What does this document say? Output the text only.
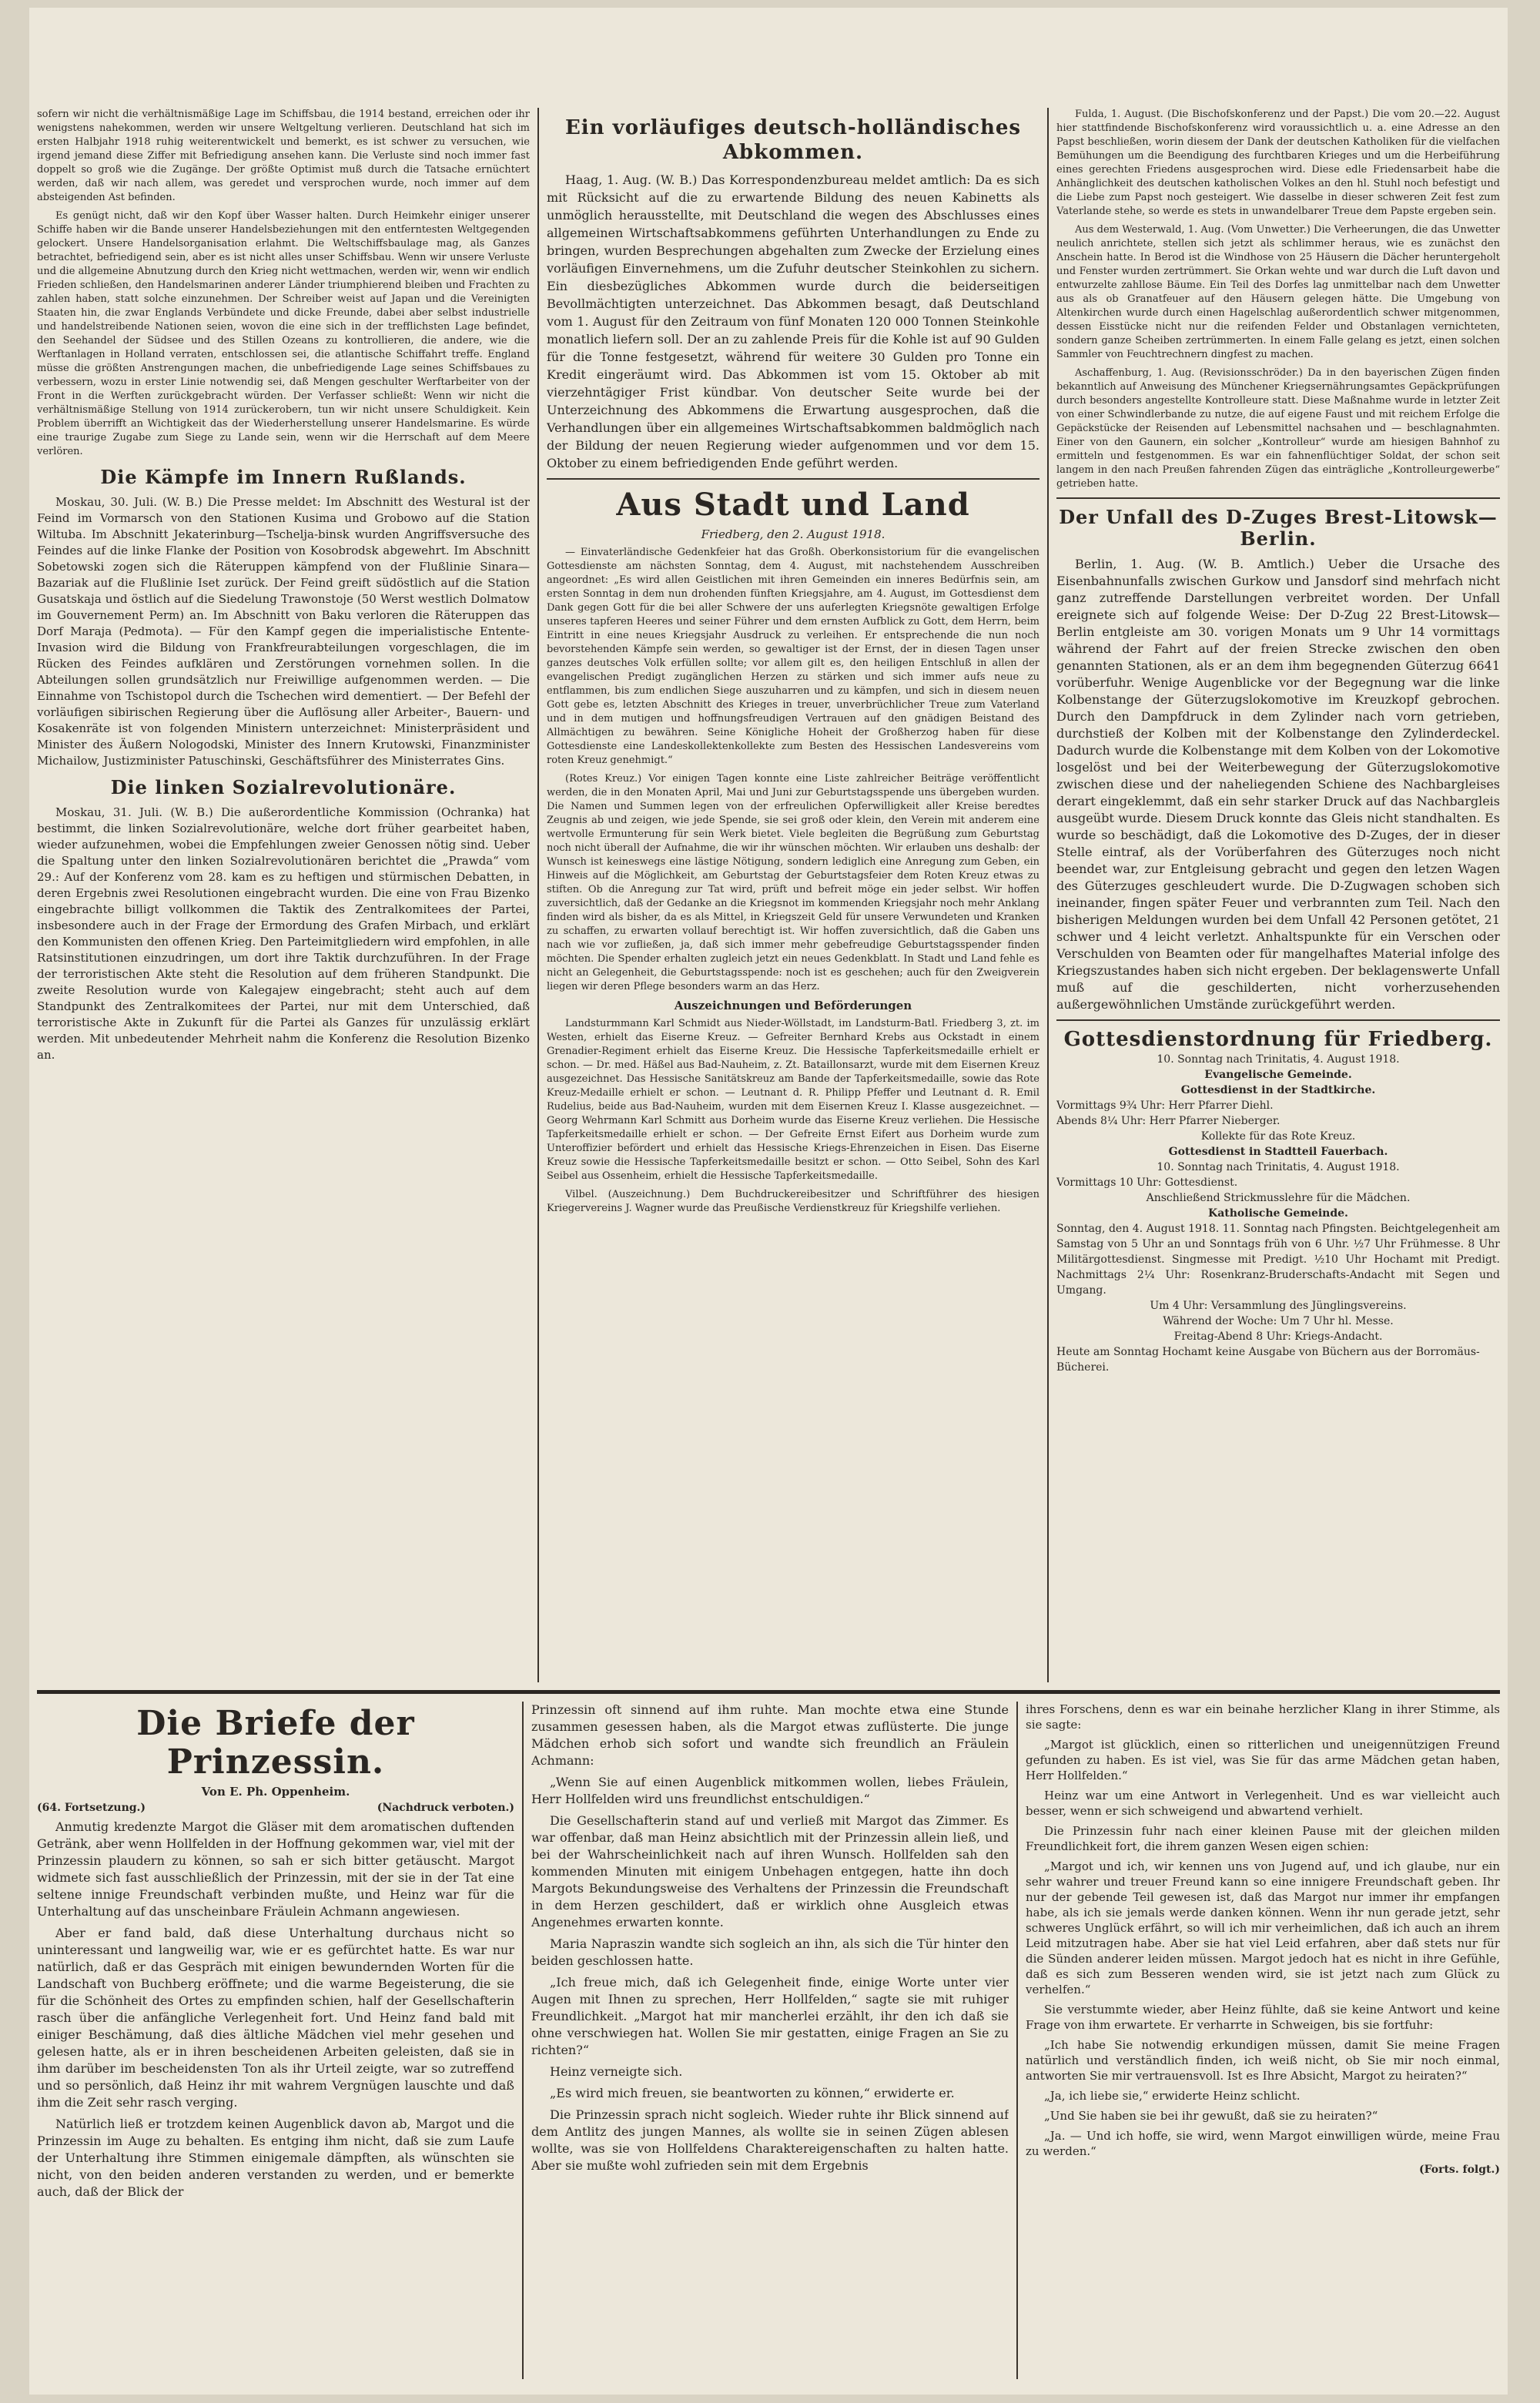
sofern wir nicht die verhältnismäßige Lage im Schiffsbau, die 1914 bestand, erreichen oder ihr wenigstens nahekommen, werden wir unsere Weltgeltung verlieren. Deutschland hat sich im ersten Halbjahr 1918 ruhig weiterentwickelt und bemerkt, es ist schwer zu versuchen, wie irgend jemand diese Ziffer mit Befriedigung ansehen kann. Die Verluste sind noch immer fast doppelt so groß wie die Zugänge. Der größte Optimist muß durch die Tatsache ernüchtert werden, daß wir nach allem, was geredet und versprochen wurde, noch immer auf dem absteigenden Ast befinden.

Es genügt nicht, daß wir den Kopf über Wasser halten. Durch Heimkehr einiger unserer Schiffe haben wir die Bande unserer Handelsbeziehungen mit den entferntesten Weltgegenden gelockert. Unsere Handelsorganisation erlahmt. Die Weltschiffsbaulage mag, als Ganzes betrachtet, befriedigend sein, aber es ist nicht alles unser Schiffsbau. Wenn wir unsere Verluste und die allgemeine Abnutzung durch den Krieg nicht wettmachen, werden wir, wenn wir endlich Frieden schließen, den Handelsmarinen anderer Länder triumphierend bleiben und Frachten zu zahlen haben, statt solche einzunehmen. Der Schreiber weist auf Japan und die Vereinigten Staaten hin, die zwar Englands Verbündete und dicke Freunde, dabei aber selbst industrielle und handelstreibende Nationen seien, wovon die eine sich in der trefflichsten Lage befindet, den Seehandel der Südsee und des Stillen Ozeans zu kontrollieren, die andere, wie die Werftanlagen in Holland verraten, entschlossen sei, die atlantische Schiffahrt treffe. England müsse die größten Anstrengungen machen, die unbefriedigende Lage seines Schiffsbaues zu verbessern, wozu in erster Linie notwendig sei, daß Mengen geschulter Werftarbeiter von der Front in die Werften zurückgebracht würden. Der Verfasser schließt: Wenn wir nicht die verhältnismäßige Stellung von 1914 zurückerobern, tun wir nicht unsere Schuldigkeit. Kein Problem überrifft an Wichtigkeit das der Wiederherstellung unserer Handelsmarine. Es würde eine traurige Zugabe zum Siege zu Lande sein, wenn wir die Herrschaft auf dem Meere verlören.

Die Kämpfe im Innern Rußlands.

Moskau, 30. Juli. (W. B.) Die Presse meldet: Im Abschnitt des Westural ist der Feind im Vormarsch von den Stationen Kusima und Grobowo auf die Station Wiltuba. Im Abschnitt Jekaterinburg—Tschelja-binsk wurden Angriffsversuche des Feindes auf die linke Flanke der Position von Kosobrodsk abgewehrt. Im Abschnitt Sobetowski zogen sich die Räteruppen kämpfend von der Flußlinie Sinara—Bazariak auf die Flußlinie Iset zurück. Der Feind greift südöstlich auf die Station Gusatskaja und östlich auf die Siedelung Trawonstoje (50 Werst westlich Dolmatow im Gouvernement Perm) an. Im Abschnitt von Baku verloren die Räteruppen das Dorf Maraja (Pedmota). — Für den Kampf gegen die imperialistische Entente-Invasion wird die Bildung von Frankfreurabteilungen vorgeschlagen, die im Rücken des Feindes aufklären und Zerstörungen vornehmen sollen. In die Abteilungen sollen grundsätzlich nur Freiwillige aufgenommen werden. — Die Einnahme von Tschistopol durch die Tschechen wird dementiert. — Der Befehl der vorläufigen sibirischen Regierung über die Auflösung aller Arbeiter-, Bauern- und Kosakenräte ist von folgenden Ministern unterzeichnet: Ministerpräsident und Minister des Äußern Nologodski, Minister des Innern Krutowski, Finanzminister Michailow, Justizminister Patuschinski, Geschäftsführer des Ministerrates Gins.

Die linken Sozialrevolutionäre.

Moskau, 31. Juli. (W. B.) Die außerordentliche Kommission (Ochranka) hat bestimmt, die linken Sozialrevolutionäre, welche dort früher gearbeitet haben, wieder aufzunehmen, wobei die Empfehlungen zweier Genossen nötig sind. Ueber die Spaltung unter den linken Sozialrevolutionären berichtet die „Prawda“ vom 29.: Auf der Konferenz vom 28. kam es zu heftigen und stürmischen Debatten, in deren Ergebnis zwei Resolutionen eingebracht wurden. Die eine von Frau Bizenko eingebrachte billigt vollkommen die Taktik des Zentralkomitees der Partei, insbesondere auch in der Frage der Ermordung des Grafen Mirbach, und erklärt den Kommunisten den offenen Krieg. Den Parteimitgliedern wird empfohlen, in alle Ratsinstitutionen einzudringen, um dort ihre Taktik durchzuführen. In der Frage der terroristischen Akte steht die Resolution auf dem früheren Standpunkt. Die zweite Resolution wurde von Kalegajew eingebracht; steht auch auf dem Standpunkt des Zentralkomitees der Partei, nur mit dem Unterschied, daß terroristische Akte in Zukunft für die Partei als Ganzes für unzulässig erklärt werden. Mit unbedeutender Mehrheit nahm die Konferenz die Resolution Bizenko an.

Ein vorläufiges deutsch-holländisches Abkommen.

Haag, 1. Aug. (W. B.) Das Korrespondenzbureau meldet amtlich: Da es sich mit Rücksicht auf die zu erwartende Bildung des neuen Kabinetts als unmöglich herausstellte, mit Deutschland die wegen des Abschlusses eines allgemeinen Wirtschaftsabkommens geführten Unterhandlungen zu Ende zu bringen, wurden Besprechungen abgehalten zum Zwecke der Erzielung eines vorläufigen Einvernehmens, um die Zufuhr deutscher Steinkohlen zu sichern. Ein diesbezügliches Abkommen wurde durch die beiderseitigen Bevollmächtigten unterzeichnet. Das Abkommen besagt, daß Deutschland vom 1. August für den Zeitraum von fünf Monaten 120 000 Tonnen Steinkohle monatlich liefern soll. Der an zu zahlende Preis für die Kohle ist auf 90 Gulden für die Tonne festgesetzt, während für weitere 30 Gulden pro Tonne ein Kredit eingeräumt wird. Das Abkommen ist vom 15. Oktober ab mit vierzehntägiger Frist kündbar. Von deutscher Seite wurde bei der Unterzeichnung des Abkommens die Erwartung ausgesprochen, daß die Verhandlungen über ein allgemeines Wirtschaftsabkommen baldmöglich nach der Bildung der neuen Regierung wieder aufgenommen und vor dem 15. Oktober zu einem befriedigenden Ende geführt werden.

Aus Stadt und Land
Friedberg, den 2. August 1918.

— Einvaterländische Gedenkfeier hat das Großh. Oberkonsistorium für die evangelischen Gottesdienste am nächsten Sonntag, dem 4. August, mit nachstehendem Ausschreiben angeordnet: „Es wird allen Geistlichen mit ihren Gemeinden ein inneres Bedürfnis sein, am ersten Sonntag in dem nun drohenden fünften Kriegsjahre, am 4. August, im Gottesdienst dem Dank gegen Gott für die bei aller Schwere der uns auferlegten Kriegsnöte gewaltigen Erfolge unseres tapferen Heeres und seiner Führer und dem ernsten Aufblick zu Gott, dem Herrn, beim Eintritt in eine neues Kriegsjahr Ausdruck zu verleihen. Er entsprechende die nun noch bevorstehenden Kämpfe sein werden, so gewaltiger ist der Ernst, der in diesen Tagen unser ganzes deutsches Volk erfüllen sollte; vor allem gilt es, den heiligen Entschluß in allen der evangelischen Predigt zugänglichen Herzen zu stärken und sich immer aufs neue zu entflammen, bis zum endlichen Siege auszuharren und zu kämpfen, und sich in diesem neuen Gott gebe es, letzten Abschnitt des Krieges in treuer, unverbrüchlicher Treue zum Vaterland und in dem mutigen und hoffnungsfreudigen Vertrauen auf den gnädigen Beistand des Allmächtigen zu bewähren. Seine Königliche Hoheit der Großherzog haben für diese Gottesdienste eine Landeskollektenkollekte zum Besten des Hessischen Landesvereins vom roten Kreuz genehmigt.“

(Rotes Kreuz.) Vor einigen Tagen konnte eine Liste zahlreicher Beiträge veröffentlicht werden, die in den Monaten April, Mai und Juni zur Geburtstagsspende uns übergeben wurden. Die Namen und Summen legen von der erfreulichen Opferwilligkeit aller Kreise beredtes Zeugnis ab und zeigen, wie jede Spende, sie sei groß oder klein, den Verein mit anderem eine wertvolle Ermunterung für sein Werk bietet. Viele begleiten die Begrüßung zum Geburtstag noch nicht überall der Aufnahme, die wir ihr wünschen möchten. Wir erlauben uns deshalb: der Wunsch ist keineswegs eine lästige Nötigung, sondern lediglich eine Anregung zum Geben, ein Hinweis auf die Möglichkeit, am Geburtstag der Geburtstagsfeier dem Roten Kreuz etwas zu stiften. Ob die Anregung zur Tat wird, prüft und befreit möge ein jeder selbst. Wir hoffen zuversichtlich, daß der Gedanke an die Kriegsnot im kommenden Kriegsjahr noch mehr Anklang finden wird als bisher, da es als Mittel, in Kriegszeit Geld für unsere Verwundeten und Kranken zu schaffen, zu erwarten vollauf berechtigt ist. Wir hoffen zuversichtlich, daß die Gaben uns nach wie vor zufließen, ja, daß sich immer mehr gebefreudige Geburtstagsspender finden möchten. Die Spender erhalten zugleich jetzt ein neues Gedenkblatt. In Stadt und Land fehle es nicht an Gelegenheit, die Geburtstagsspende: noch ist es geschehen; auch für den Zweigverein liegen wir deren Pflege besonders warm an das Herz.

Auszeichnungen und Beförderungen

Landsturmmann Karl Schmidt aus Nieder-Wöllstadt, im Landsturm-Batl. Friedberg 3, zt. im Westen, erhielt das Eiserne Kreuz. — Gefreiter Bernhard Krebs aus Ockstadt in einem Grenadier-Regiment erhielt das Eiserne Kreuz. Die Hessische Tapferkeitsmedaille erhielt er schon. — Dr. med. Häßel aus Bad-Nauheim, z. Zt. Bataillonsarzt, wurde mit dem Eisernen Kreuz ausgezeichnet. Das Hessische Sanitätskreuz am Bande der Tapferkeitsmedaille, sowie das Rote Kreuz-Medaille erhielt er schon. — Leutnant d. R. Philipp Pfeffer und Leutnant d. R. Emil Rudelius, beide aus Bad-Nauheim, wurden mit dem Eisernen Kreuz I. Klasse ausgezeichnet. — Georg Wehrmann Karl Schmitt aus Dorheim wurde das Eiserne Kreuz verliehen. Die Hessische Tapferkeitsmedaille erhielt er schon. — Der Gefreite Ernst Eifert aus Dorheim wurde zum Unteroffizier befördert und erhielt das Hessische Kriegs-Ehrenzeichen in Eisen. Das Eiserne Kreuz sowie die Hessische Tapferkeitsmedaille besitzt er schon. — Otto Seibel, Sohn des Karl Seibel aus Ossenheim, erhielt die Hessische Tapferkeitsmedaille.

Vilbel. (Auszeichnung.) Dem Buchdruckereibesitzer und Schriftführer des hiesigen Kriegervereins J. Wagner wurde das Preußische Verdienstkreuz für Kriegshilfe verliehen.

Fulda, 1. August. (Die Bischofskonferenz und der Papst.) Die vom 20.—22. August hier stattfindende Bischofskonferenz wird voraussichtlich u. a. eine Adresse an den Papst beschließen, worin diesem der Dank der deutschen Katholiken für die vielfachen Bemühungen um die Beendigung des furchtbaren Krieges und um die Herbeiführung eines gerechten Friedens ausgesprochen wird. Diese edle Friedensarbeit habe die Anhänglichkeit des deutschen katholischen Volkes an den hl. Stuhl noch befestigt und die Liebe zum Papst noch gesteigert. Wie dasselbe in dieser schweren Zeit fest zum Vaterlande stehe, so werde es stets in unwandelbarer Treue dem Papste ergeben sein.

Aus dem Westerwald, 1. Aug. (Vom Unwetter.) Die Verheerungen, die das Unwetter neulich anrichtete, stellen sich jetzt als schlimmer heraus, wie es zunächst den Anschein hatte. In Berod ist die Windhose von 25 Häusern die Dächer heruntergeholt und Fenster wurden zertrümmert. Sie Orkan wehte und war durch die Luft davon und entwurzelte zahllose Bäume. Ein Teil des Dorfes lag unmittelbar nach dem Unwetter aus als ob Granatfeuer auf den Häusern gelegen hätte. Die Umgebung von Altenkirchen wurde durch einen Hagelschlag außerordentlich schwer mitgenommen, dessen Eisstücke nicht nur die reifenden Felder und Obstanlagen vernichteten, sondern ganze Scheiben zertrümmerten. In einem Falle gelang es jetzt, einen solchen Sammler von Feuchtrechnern dingfest zu machen.

Aschaffenburg, 1. Aug. (Revisionsschröder.) Da in den bayerischen Zügen finden bekanntlich auf Anweisung des Münchener Kriegsernährungsamtes Gepäckprüfungen durch besonders angestellte Kontrolleure statt. Diese Maßnahme wurde in letzter Zeit von einer Schwindlerbande zu nutze, die auf eigene Faust und mit reichem Erfolge die Gepäckstücke der Reisenden auf Lebensmittel nachsahen und — beschlagnahmten. Einer von den Gaunern, ein solcher „Kontrolleur“ wurde am hiesigen Bahnhof zu ermitteln und festgenommen. Es war ein fahnenflüchtiger Soldat, der schon seit langem in den nach Preußen fahrenden Zügen das einträgliche „Kontrolleurgewerbe“ getrieben hatte.

Der Unfall des D-Zuges Brest-Litowsk—Berlin.

Berlin, 1. Aug. (W. B. Amtlich.) Ueber die Ursache des Eisenbahnunfalls zwischen Gurkow und Jansdorf sind mehrfach nicht ganz zutreffende Darstellungen verbreitet worden. Der Unfall ereignete sich auf folgende Weise: Der D-Zug 22 Brest-Litowsk—Berlin entgleiste am 30. vorigen Monats um 9 Uhr 14 vormittags während der Fahrt auf der freien Strecke zwischen den oben genannten Stationen, als er an dem ihm begegnenden Güterzug 6641 vorüberfuhr. Wenige Augenblicke vor der Begegnung war die linke Kolbenstange der Güterzugslokomotive im Kreuzkopf gebrochen. Durch den Dampfdruck in dem Zylinder nach vorn getrieben, durchstieß der Kolben mit der Kolbenstange den Zylinderdeckel. Dadurch wurde die Kolbenstange mit dem Kolben von der Lokomotive losgelöst und bei der Weiterbewegung der Güterzugslokomotive zwischen diese und der naheliegenden Schiene des Nachbargleises derart eingeklemmt, daß ein sehr starker Druck auf das Nachbargleis ausgeübt wurde. Diesem Druck konnte das Gleis nicht standhalten. Es wurde so beschädigt, daß die Lokomotive des D-Zuges, der in dieser Stelle eintraf, als der Vorüberfahren des Güterzuges noch nicht beendet war, zur Entgleisung gebracht und gegen den letzen Wagen des Güterzuges geschleudert wurde. Die D-Zugwagen schoben sich ineinander, fingen später Feuer und verbrannten zum Teil. Nach den bisherigen Meldungen wurden bei dem Unfall 42 Personen getötet, 21 schwer und 4 leicht verletzt. Anhaltspunkte für ein Verschen oder Verschulden von Beamten oder für mangelhaftes Material infolge des Kriegszustandes haben sich nicht ergeben. Der beklagenswerte Unfall muß auf die geschilderten, nicht vorherzusehenden außergewöhnlichen Umstände zurückgeführt werden.

Gottesdienstordnung für Friedberg.
10. Sonntag nach Trinitatis, 4. August 1918.
Evangelische Gemeinde.
Gottesdienst in der Stadtkirche.
Vormittags 9¾ Uhr: Herr Pfarrer Diehl.
Abends 8¼ Uhr: Herr Pfarrer Nieberger.
Kollekte für das Rote Kreuz.
Gottesdienst in Stadtteil Fauerbach.
10. Sonntag nach Trinitatis, 4. August 1918.
Vormittags 10 Uhr: Gottesdienst.
Anschließend Strickmusslehre für die Mädchen.
Katholische Gemeinde.
Sonntag, den 4. August 1918. 11. Sonntag nach Pfingsten. Beichtgelegenheit am Samstag von 5 Uhr an und Sonntags früh von 6 Uhr. ½7 Uhr Frühmesse. 8 Uhr Militärgottesdienst. Singmesse mit Predigt. ½10 Uhr Hochamt mit Predigt. Nachmittags 2¼ Uhr: Rosenkranz-Bruderschafts-Andacht mit Segen und Umgang.
Um 4 Uhr: Versammlung des Jünglingsvereins.
Während der Woche: Um 7 Uhr hl. Messe.
Freitag-Abend 8 Uhr: Kriegs-Andacht.
Heute am Sonntag Hochamt keine Ausgabe von Büchern aus der Borromäus-Bücherei.
Die Briefe der Prinzessin.
Von E. Ph. Oppenheim.
(64. Fortsetzung.)	(Nachdruck verboten.)

Anmutig kredenzte Margot die Gläser mit dem aromatischen duftenden Getränk, aber wenn Hollfelden in der Hoffnung gekommen war, viel mit der Prinzessin plaudern zu können, so sah er sich bitter getäuscht. Margot widmete sich fast ausschließlich der Prinzessin, mit der sie in der Tat eine seltene innige Freundschaft verbinden mußte, und Heinz war für die Unterhaltung auf das unscheinbare Fräulein Achmann angewiesen.

Aber er fand bald, daß diese Unterhaltung durchaus nicht so uninteressant und langweilig war, wie er es gefürchtet hatte. Es war nur natürlich, daß er das Gespräch mit einigen bewundernden Worten für die Landschaft von Buchberg eröffnete; und die warme Begeisterung, die sie für die Schönheit des Ortes zu empfinden schien, half der Gesellschafterin rasch über die anfängliche Verlegenheit fort. Und Heinz fand bald mit einiger Beschämung, daß dies ältliche Mädchen viel mehr gesehen und gelesen hatte, als er in ihren bescheidenen Arbeiten geleisten, daß sie in ihm darüber im bescheidensten Ton als ihr Urteil zeigte, war so zutreffend und so persönlich, daß Heinz ihr mit wahrem Vergnügen lauschte und daß ihm die Zeit sehr rasch verging.

Natürlich ließ er trotzdem keinen Augenblick davon ab, Margot und die Prinzessin im Auge zu behalten. Es entging ihm nicht, daß sie zum Laufe der Unterhaltung ihre Stimmen einigemale dämpften, als wünschten sie nicht, von den beiden anderen verstanden zu werden, und er bemerkte auch, daß der Blick der

Prinzessin oft sinnend auf ihm ruhte. Man mochte etwa eine Stunde zusammen gesessen haben, als die Margot etwas zuflüsterte. Die junge Mädchen erhob sich sofort und wandte sich freundlich an Fräulein Achmann:

„Wenn Sie auf einen Augenblick mitkommen wollen, liebes Fräulein, Herr Hollfelden wird uns freundlichst entschuldigen.“

Die Gesellschafterin stand auf und verließ mit Margot das Zimmer. Es war offenbar, daß man Heinz absichtlich mit der Prinzessin allein ließ, und bei der Wahrscheinlichkeit nach auf ihren Wunsch. Hollfelden sah den kommenden Minuten mit einigem Unbehagen entgegen, hatte ihn doch Margots Bekundungsweise des Verhaltens der Prinzessin die Freundschaft in dem Herzen geschildert, daß er wirklich ohne Ausgleich etwas Angenehmes erwarten konnte.

Maria Napraszin wandte sich sogleich an ihn, als sich die Tür hinter den beiden geschlossen hatte.

„Ich freue mich, daß ich Gelegenheit finde, einige Worte unter vier Augen mit Ihnen zu sprechen, Herr Hollfelden,“ sagte sie mit ruhiger Freundlichkeit. „Margot hat mir mancherlei erzählt, ihr den ich daß sie ohne verschwiegen hat. Wollen Sie mir gestatten, einige Fragen an Sie zu richten?“

Heinz verneigte sich.

„Es wird mich freuen, sie beantworten zu können,“ erwiderte er.

Die Prinzessin sprach nicht sogleich. Wieder ruhte ihr Blick sinnend auf dem Antlitz des jungen Mannes, als wollte sie in seinen Zügen ablesen wollte, was sie von Hollfeldens Charaktereigenschaften zu halten hatte. Aber sie mußte wohl zufrieden sein mit dem Ergebnis

ihres Forschens, denn es war ein beinahe herzlicher Klang in ihrer Stimme, als sie sagte:

„Margot ist glücklich, einen so ritterlichen und uneigennützigen Freund gefunden zu haben. Es ist viel, was Sie für das arme Mädchen getan haben, Herr Hollfelden.“

Heinz war um eine Antwort in Verlegenheit. Und es war vielleicht auch besser, wenn er sich schweigend und abwartend verhielt.

Die Prinzessin fuhr nach einer kleinen Pause mit der gleichen milden Freundlichkeit fort, die ihrem ganzen Wesen eigen schien:

„Margot und ich, wir kennen uns von Jugend auf, und ich glaube, nur ein sehr wahrer und treuer Freund kann so eine innigere Freundschaft geben. Ihr nur der gebende Teil gewesen ist, daß das Margot nur immer ihr empfangen habe, als ich sie jemals werde danken können. Wenn ihr nun gerade jetzt, sehr schweres Unglück erfährt, so will ich mir verheimlichen, daß ich auch an ihrem Leid mitzutragen habe. Aber sie hat viel Leid erfahren, aber daß stets nur für die Sünden anderer leiden müssen. Margot jedoch hat es nicht in ihre Gefühle, daß es sich zum Besseren wenden wird, sie ist jetzt nach zum Glück zu verhelfen.“

Sie verstummte wieder, aber Heinz fühlte, daß sie keine Antwort und keine Frage von ihm erwartete. Er verharrte in Schweigen, bis sie fortfuhr:

„Ich habe Sie notwendig erkundigen müssen, damit Sie meine Fragen natürlich und verständlich finden, ich weiß nicht, ob Sie mir noch einmal, antworten Sie mir vertrauensvoll. Ist es Ihre Absicht, Margot zu heiraten?“

„Ja, ich liebe sie,“ erwiderte Heinz schlicht.

„Und Sie haben sie bei ihr gewußt, daß sie zu heiraten?“

„Ja. — Und ich hoffe, sie wird, wenn Margot einwilligen würde, meine Frau zu werden.“

(Forts. folgt.)
